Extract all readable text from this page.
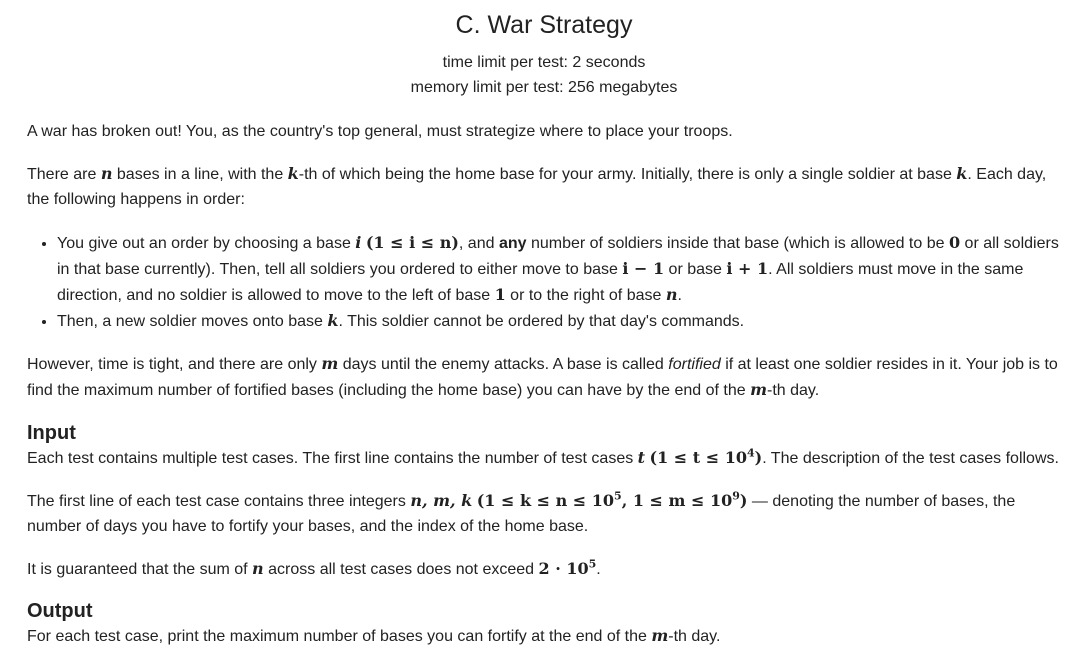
C. War Strategy

time limit per test: 2 seconds

memory limit per test: 256 megabytes

A war has broken out! You, as the country's top general, must strategize where to place your troops.

There are n bases in a line, with the k-th of which being the home base for your army. Initially, there is only a single soldier at base k. Each day, the following happens in order:

• You give out an order by choosing a base i (1 ≤ i ≤ n), and any number of soldiers inside that base (which is allowed to be 0 or all soldiers in that base currently). Then, tell all soldiers you ordered to either move to base i − 1 or base i + 1. All soldiers must move in the same direction, and no soldier is allowed to move to the left of base 1 or to the right of base n.
• Then, a new soldier moves onto base k. This soldier cannot be ordered by that day's commands.

However, time is tight, and there are only m days until the enemy attacks. A base is called fortified if at least one soldier resides in it. Your job is to find the maximum number of fortified bases (including the home base) you can have by the end of the m-th day.

Input

Each test contains multiple test cases. The first line contains the number of test cases t $(1 \le t \le 10^4)$. The description of the test cases follows.

The first line of each test case contains three integers n, m, k ($1 \le k \le n \le 10^5$, $1 \le m \le 10^9$) — denoting the number of bases, the number of days you have to fortify your bases, and the index of the home base.

It is guaranteed that the sum of n across all test cases does not exceed $2 \cdot 10^5$.

Output

For each test case, print the maximum number of bases you can fortify at the end of the m-th day.
